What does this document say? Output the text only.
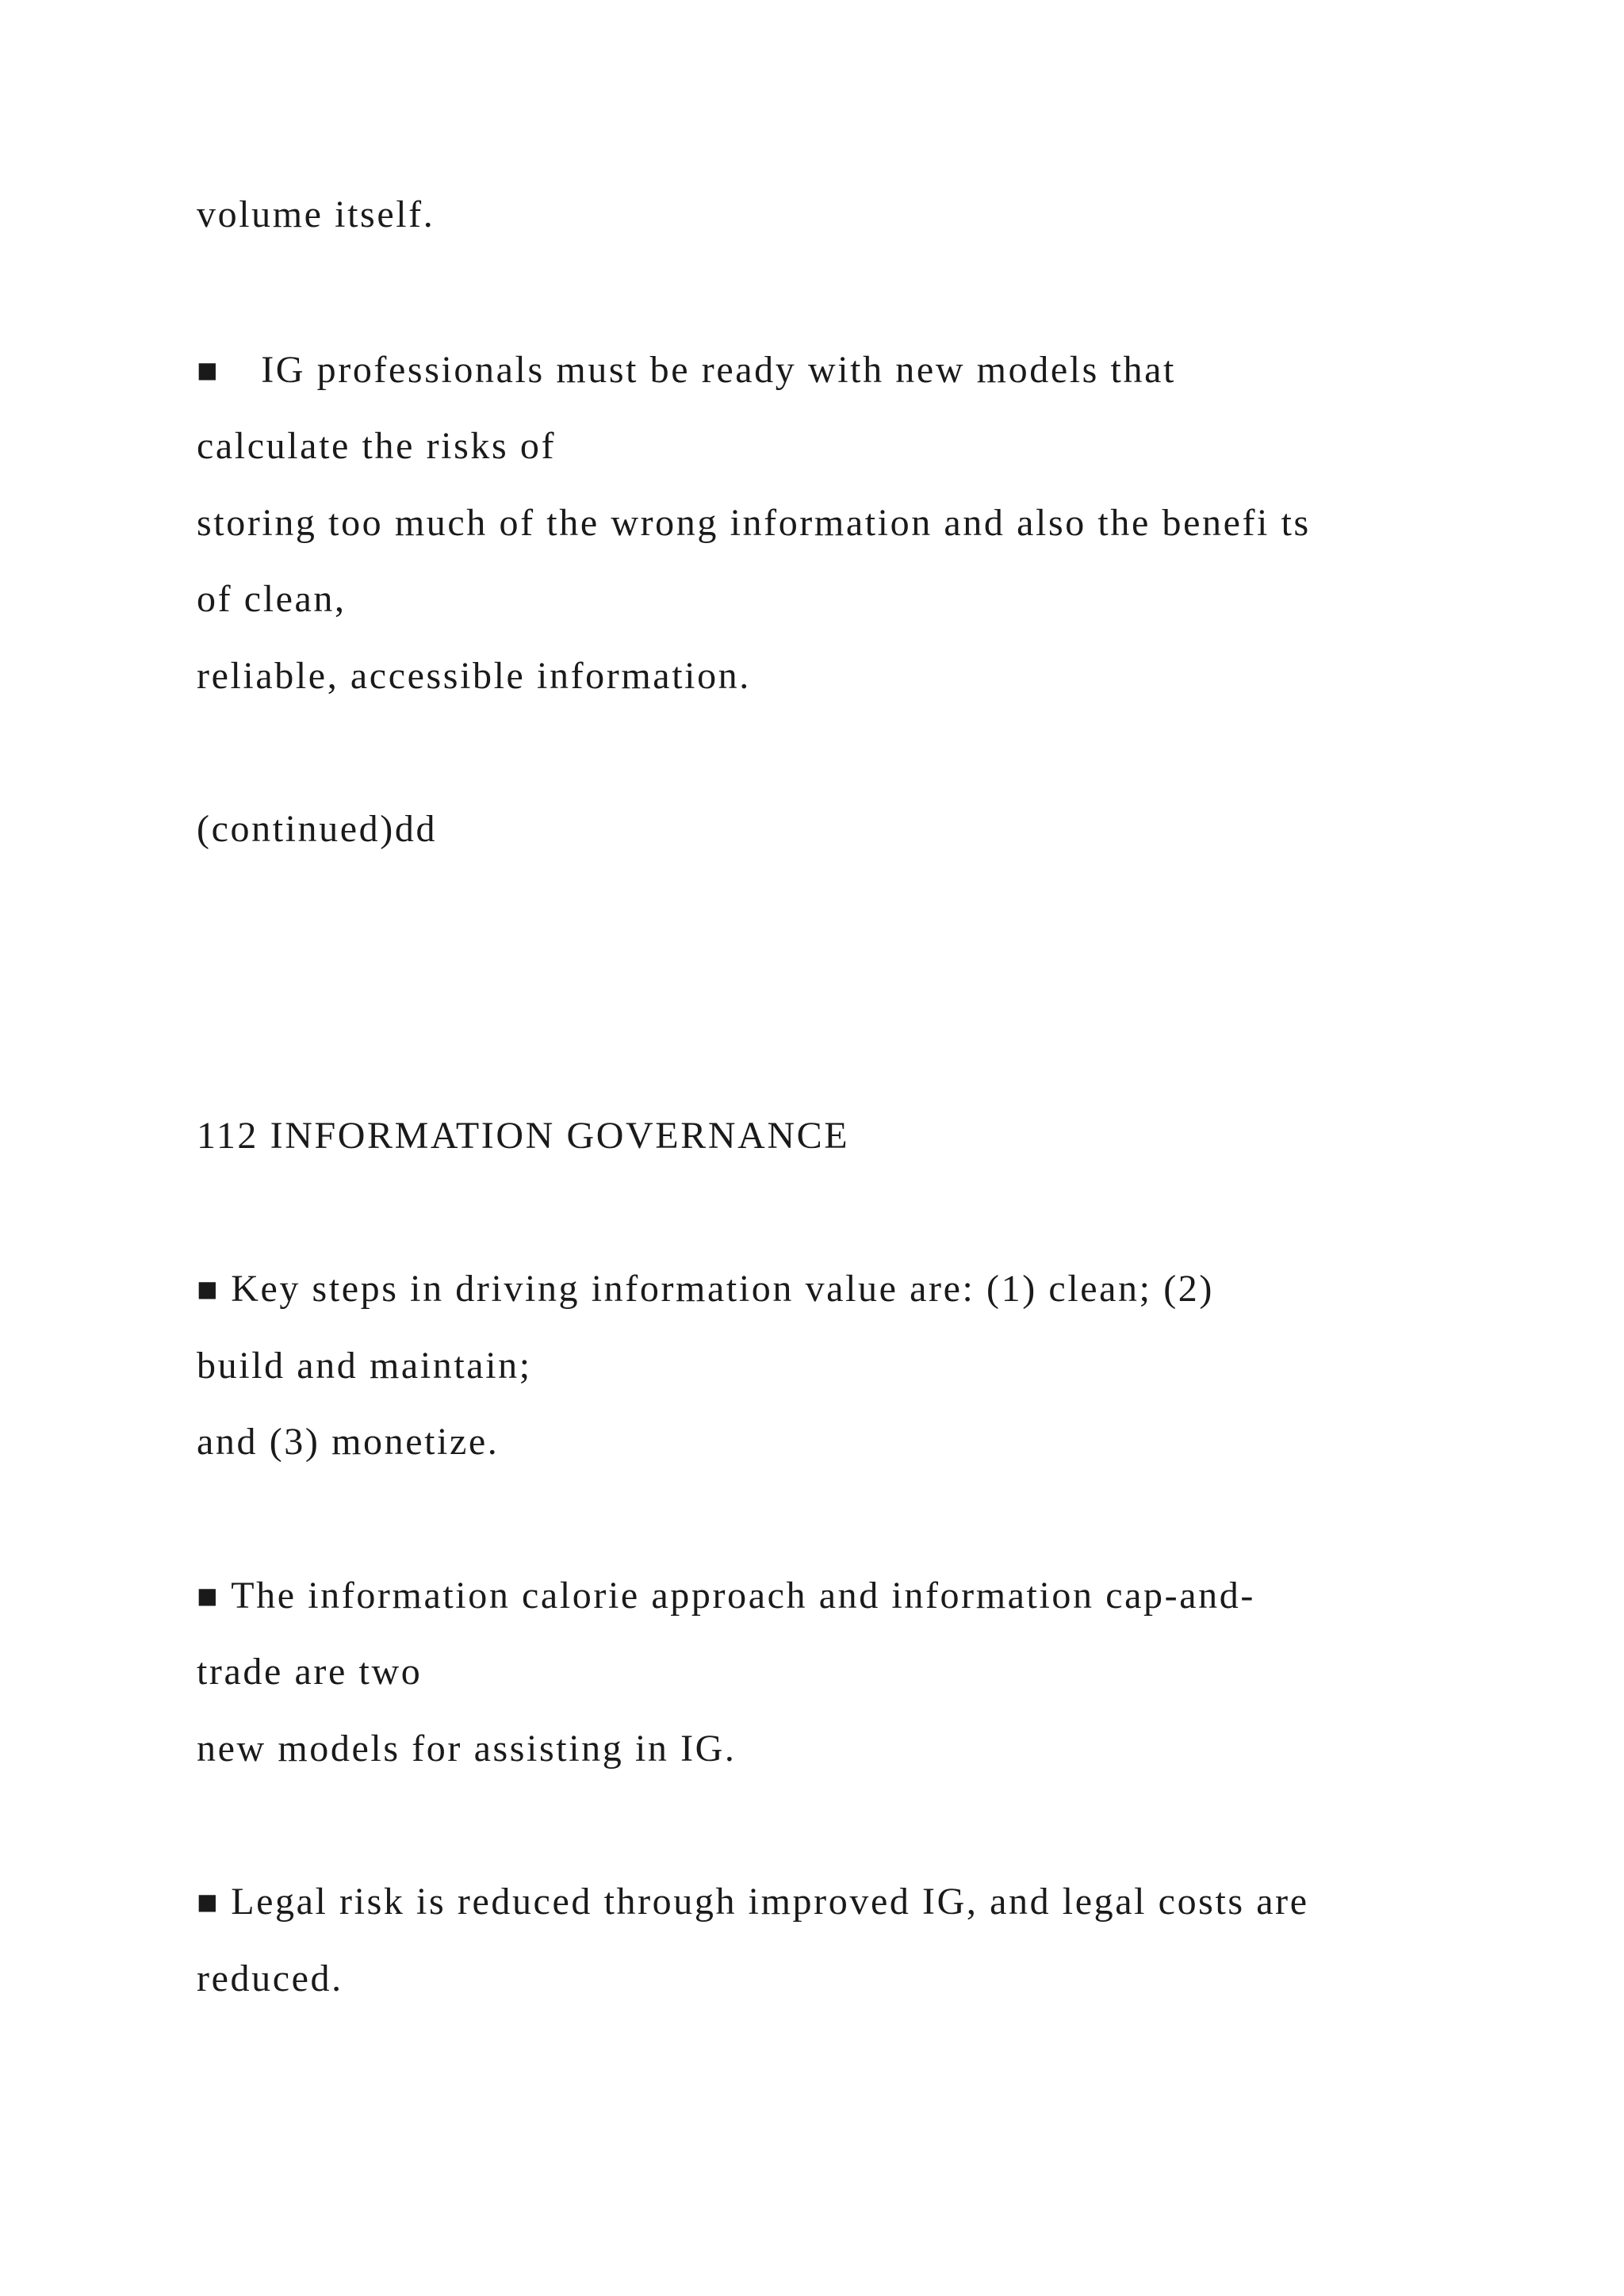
volume itself.
■ IG professionals must be ready with new models that
calculate the risks of
storing too much of the wrong information and also the benefi ts
of clean,
reliable, accessible information.
(continued)dd
112 INFORMATION GOVERNANCE
■ Key steps in driving information value are: (1) clean; (2)
build and maintain;
and (3) monetize.
■ The information calorie approach and information cap-and-
trade are two
new models for assisting in IG.
■ Legal risk is reduced through improved IG, and legal costs are
reduced.
